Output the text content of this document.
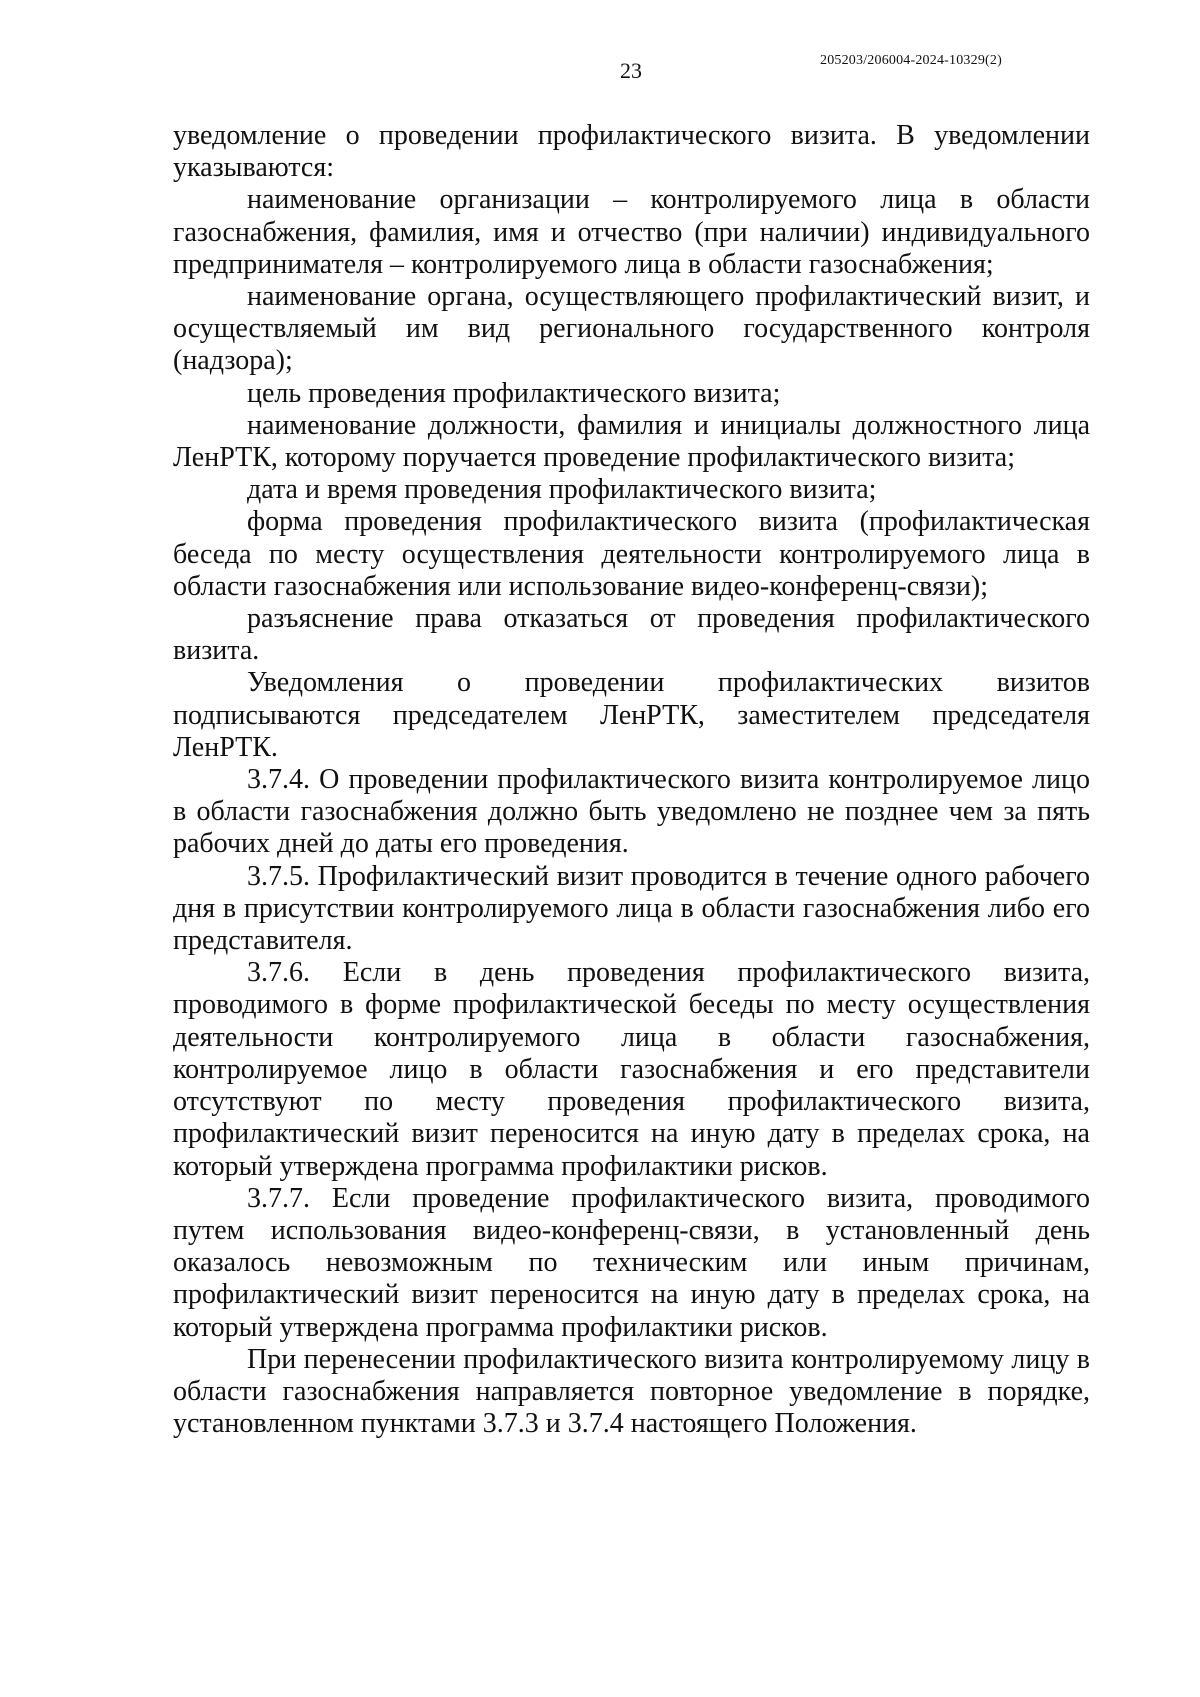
23	205203/206004-2024-10329(2)

уведомление о проведении профилактического визита. В уведомлении указываются:

наименование организации – контролируемого лица в области газоснабжения, фамилия, имя и отчество (при наличии) индивидуального предпринимателя – контролируемого лица в области газоснабжения;

наименование органа, осуществляющего профилактический визит, и осуществляемый им вид регионального государственного контроля (надзора);

цель проведения профилактического визита;

наименование должности, фамилия и инициалы должностного лица ЛенРТК, которому поручается проведение профилактического визита;

дата и время проведения профилактического визита;

форма проведения профилактического визита (профилактическая беседа по месту осуществления деятельности контролируемого лица в области газоснабжения или использование видео-конференц-связи);

разъяснение права отказаться от проведения профилактического визита.

Уведомления о проведении профилактических визитов подписываются председателем ЛенРТК, заместителем председателя ЛенРТК.

3.7.4. О проведении профилактического визита контролируемое лицо в области газоснабжения должно быть уведомлено не позднее чем за пять рабочих дней до даты его проведения.

3.7.5. Профилактический визит проводится в течение одного рабочего дня в присутствии контролируемого лица в области газоснабжения либо его представителя.

3.7.6. Если в день проведения профилактического визита, проводимого в форме профилактической беседы по месту осуществления деятельности контролируемого лица в области газоснабжения, контролируемое лицо в области газоснабжения и его представители отсутствуют по месту проведения профилактического визита, профилактический визит переносится на иную дату в пределах срока, на который утверждена программа профилактики рисков.

3.7.7. Если проведение профилактического визита, проводимого путем использования видео-конференц-связи, в установленный день оказалось невозможным по техническим или иным причинам, профилактический визит переносится на иную дату в пределах срока, на который утверждена программа профилактики рисков.

При перенесении профилактического визита контролируемому лицу в области газоснабжения направляется повторное уведомление в порядке, установленном пунктами 3.7.3 и 3.7.4 настоящего Положения.
